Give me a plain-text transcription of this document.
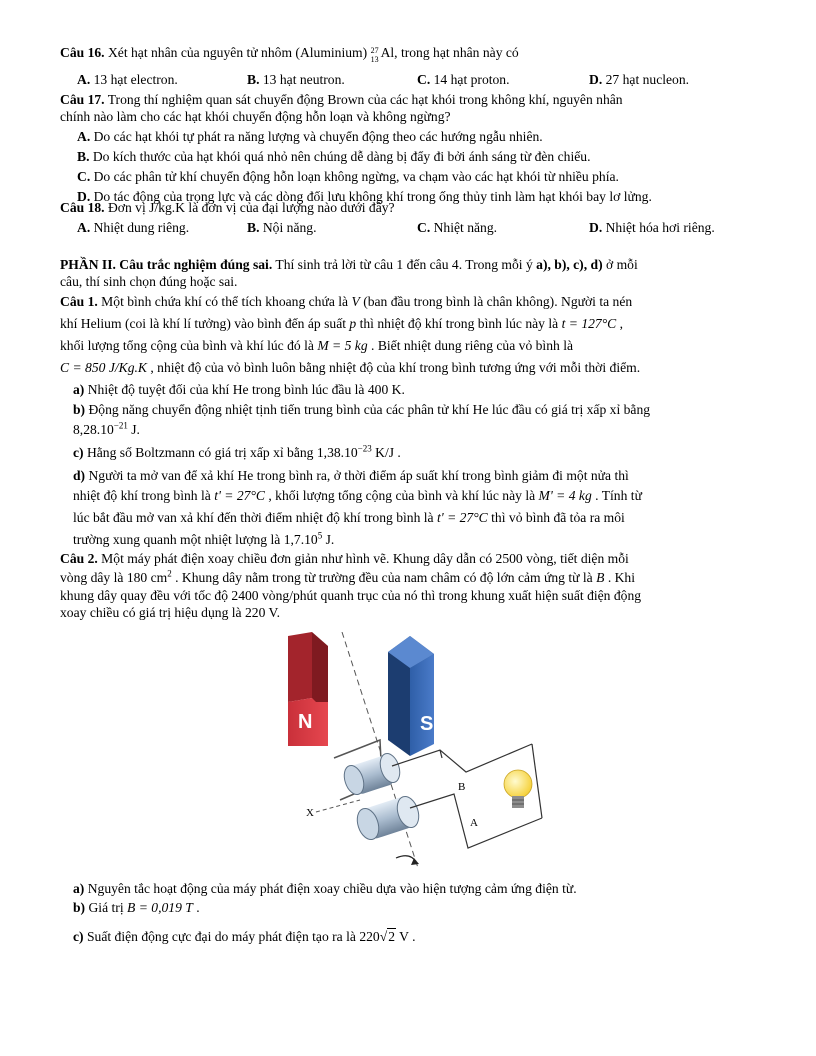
Câu 16. Xét hạt nhân của nguyên tử nhôm (Aluminium) 27
13 Al, trong hạt nhân này có
A. 13 hạt electron.	B. 13 hạt neutron.	C. 14 hạt proton.	D. 27 hạt nucleon.
Câu 17. Trong thí nghiệm quan sát chuyển động Brown của các hạt khói trong không khí, nguyên nhân
chính nào làm cho các hạt khói chuyển động hỗn loạn và không ngừng?
A. Do các hạt khói tự phát ra năng lượng và chuyển động theo các hướng ngẫu nhiên.
B. Do kích thước của hạt khói quá nhỏ nên chúng dễ dàng bị đẩy đi bởi ánh sáng từ đèn chiếu.
C. Do các phân tử khí chuyển động hỗn loạn không ngừng, va chạm vào các hạt khói từ nhiều phía.
D. Do tác động của trọng lực và các dòng đối lưu không khí trong ống thủy tinh làm hạt khói bay lơ lửng.
Câu 18. Đơn vị J/kg.K là đơn vị của đại lượng nào dưới đây?
A. Nhiệt dung riêng.	B. Nội năng.	C. Nhiệt năng.	D. Nhiệt hóa hơi riêng.
PHẦN II. Câu trắc nghiệm đúng sai. Thí sinh trả lời từ câu 1 đến câu 4. Trong mỗi ý a), b), c), d) ở mỗi
câu, thí sinh chọn đúng hoặc sai.
Câu 1. Một bình chứa khí có thể tích khoang chứa là V (ban đầu trong bình là chân không). Người ta nén
khí Helium (coi là khí lí tưởng) vào bình đến áp suất p thì nhiệt độ khí trong bình lúc này là t = 127°C ,
khối lượng tổng cộng của bình và khí lúc đó là M = 5 kg . Biết nhiệt dung riêng của vỏ bình là
C = 850 J/Kg.K , nhiệt độ của vỏ bình luôn bằng nhiệt độ của khí trong bình tương ứng với mỗi thời điểm.
a) Nhiệt độ tuyệt đối của khí He trong bình lúc đầu là 400 K.
b) Động năng chuyển động nhiệt tịnh tiến trung bình của các phân tử khí He lúc đầu có giá trị xấp xỉ bằng
$8,28.10^{-21}$ J.
c) Hằng số Boltzmann có giá trị xấp xỉ bằng $1,38.10^{-23}$ K/J .
d) Người ta mở van để xả khí He trong bình ra, ở thời điểm áp suất khí trong bình giảm đi một nửa thì
nhiệt độ khí trong bình là t' = 27°C , khối lượng tổng cộng của bình và khí lúc này là M' = 4 kg . Tính từ
lúc bắt đầu mở van xả khí đến thời điểm nhiệt độ khí trong bình là t' = 27°C thì vỏ bình đã tỏa ra môi
trường xung quanh một nhiệt lượng là 1,7.10$^5$ J.
Câu 2. Một máy phát điện xoay chiều đơn giản như hình vẽ. Khung dây dẫn có 2500 vòng, tiết diện mỗi
vòng dây là 180 $cm^2$ . Khung dây nằm trong từ trường đều của nam châm có độ lớn cảm ứng từ là B . Khi
khung dây quay đều với tốc độ 2400 vòng/phút quanh trục của nó thì trong khung xuất hiện suất điện động
xoay chiều có giá trị hiệu dụng là 220 V.
N	S
B
A
X
a) Nguyên tắc hoạt động của máy phát điện xoay chiều dựa vào hiện tượng cảm ứng điện từ.
b) Giá trị B = 0,019 T .
c) Suất điện động cực đại do máy phát điện tạo ra là 220√2 V .
